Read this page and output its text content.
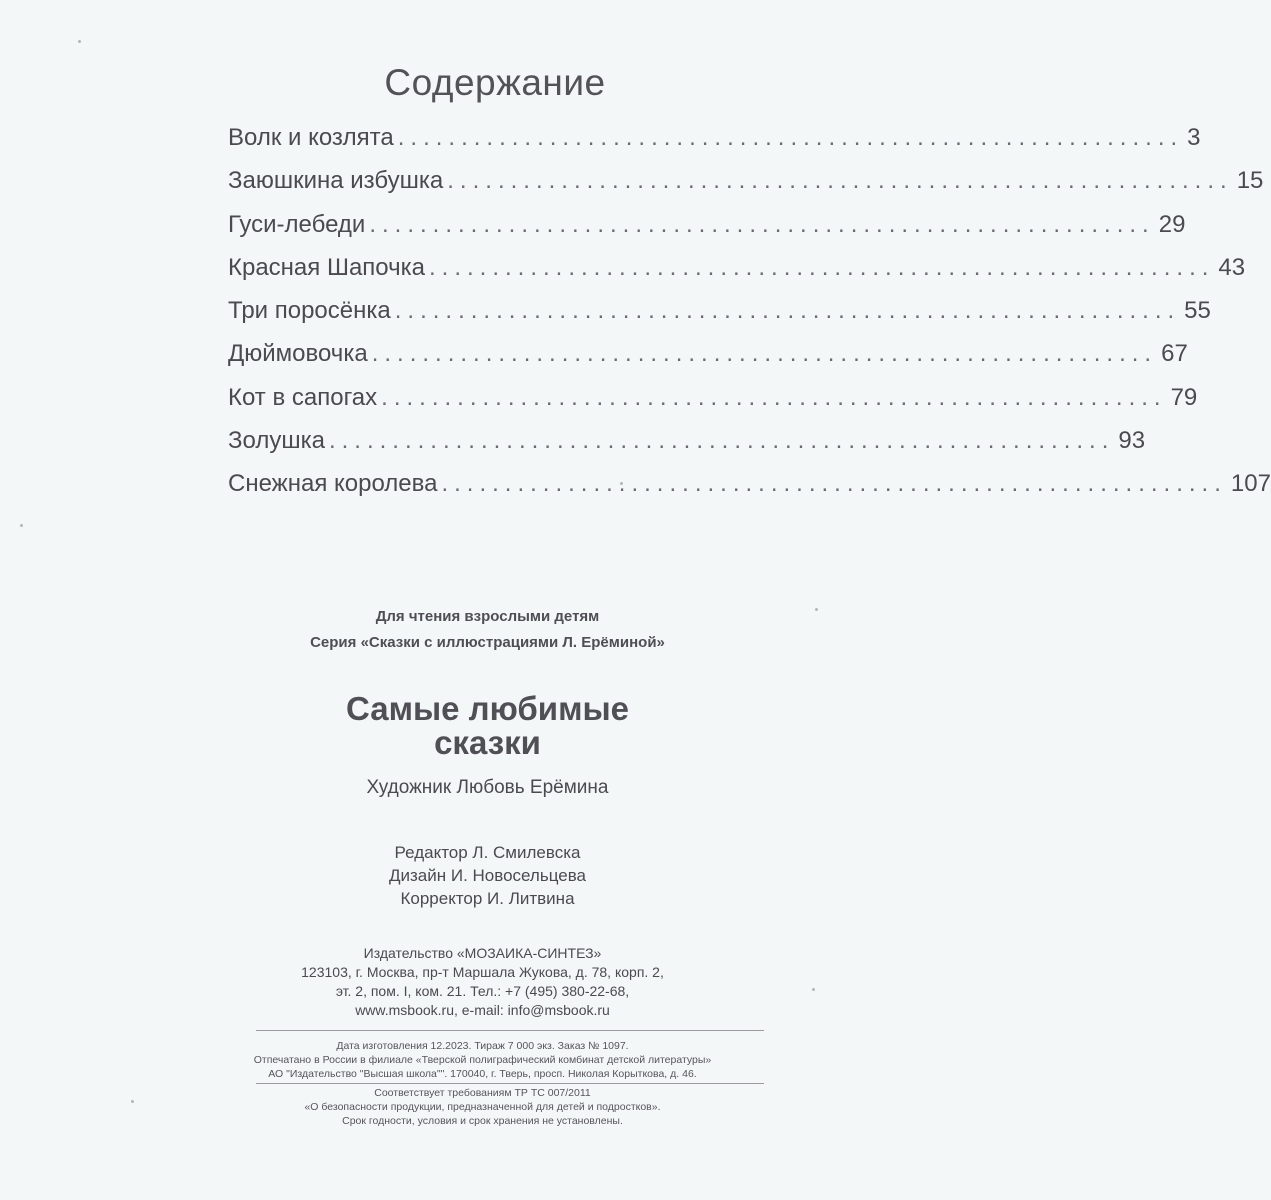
Содержание
Волк и козлята .............................................................. 3
Заюшкина избушка .............................................................. 15
Гуси-лебеди .............................................................. 29
Красная Шапочка .............................................................. 43
Три поросёнка .............................................................. 55
Дюймовочка .............................................................. 67
Кот в сапогах .............................................................. 79
Золушка .............................................................. 93
Снежная королева .............................................................. 107
Для чтения взрослыми детям
Серия «Сказки с иллюстрациями Л. Ерёминой»
Самые любимые
сказки
Художник Любовь Ерёмина
Редактор Л. Смилевска
Дизайн И. Новосельцева
Корректор И. Литвина
Издательство «МОЗАИКА-СИНТЕЗ»
123103, г. Москва, пр-т Маршала Жукова, д. 78, корп. 2,
эт. 2, пом. I, ком. 21. Тел.: +7 (495) 380-22-68,
www.msbook.ru, e-mail: info@msbook.ru
Дата изготовления 12.2023. Тираж 7 000 экз. Заказ № 1097.
Отпечатано в России в филиале «Тверской полиграфический комбинат детской литературы»
АО "Издательство "Высшая школа"". 170040, г. Тверь, просп. Николая Корыткова, д. 46.
Соответствует требованиям ТР ТС 007/2011
«О безопасности продукции, предназначенной для детей и подростков».
Срок годности, условия и срок хранения не установлены.
